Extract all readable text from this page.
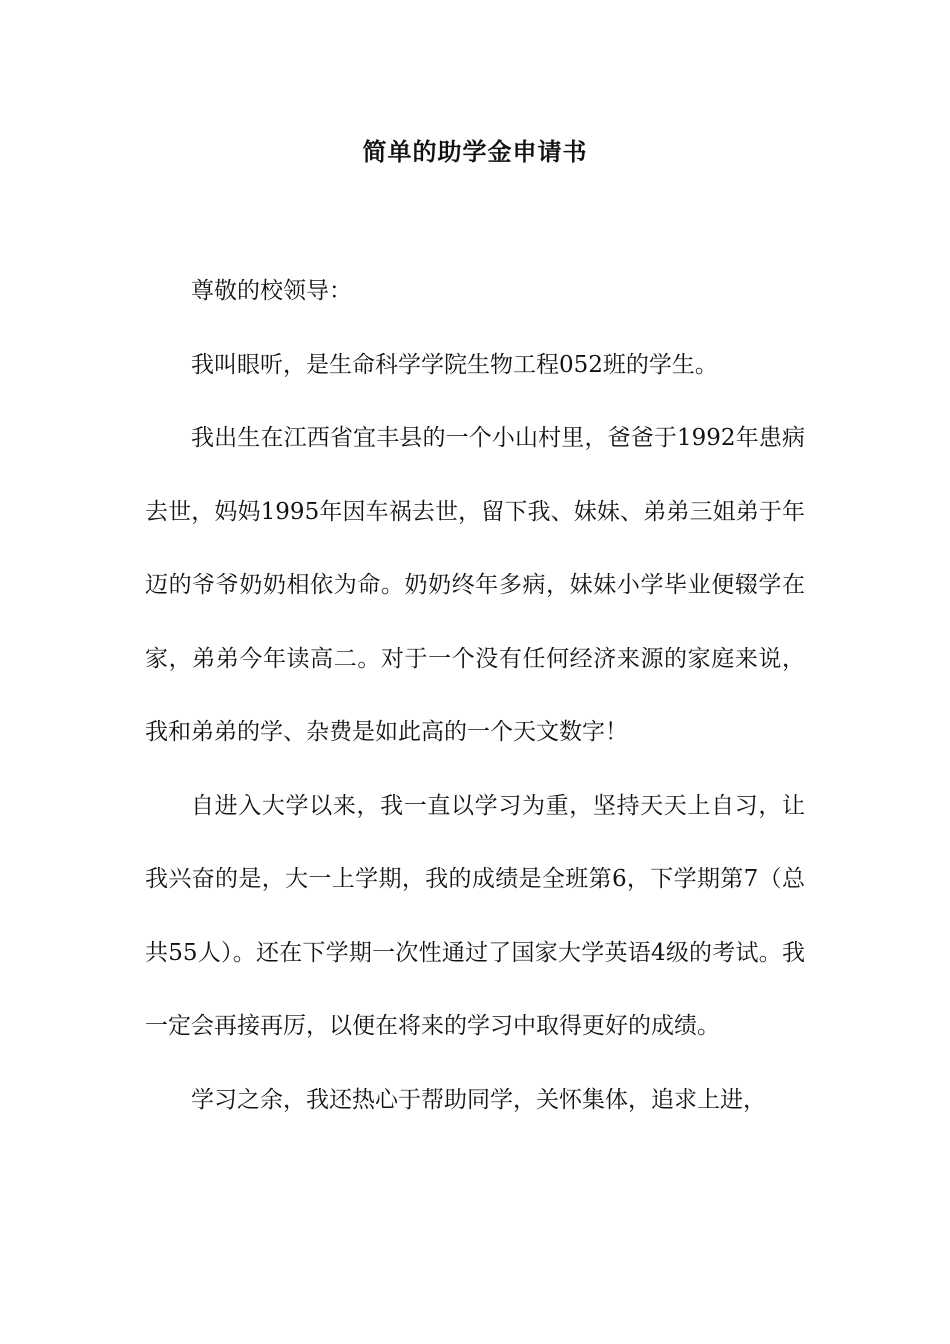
简单的助学金申请书

尊敬的校领导：

我叫眼听，是生命科学学院生物工程052班的学生。

我出生在江西省宜丰县的一个小山村里，爸爸于1992年患病去世，妈妈1995年因车祸去世，留下我、妹妹、弟弟三姐弟于年迈的爷爷奶奶相依为命。奶奶终年多病，妹妹小学毕业便辍学在家，弟弟今年读高二。对于一个没有任何经济来源的家庭来说，我和弟弟的学、杂费是如此高的一个天文数字！

自进入大学以来，我一直以学习为重，坚持天天上自习，让我兴奋的是，大一上学期，我的成绩是全班第6，下学期第7（总共55人）。还在下学期一次性通过了国家大学英语4级的考试。我一定会再接再厉，以便在将来的学习中取得更好的成绩。

学习之余，我还热心于帮助同学，关怀集体，追求上进，
